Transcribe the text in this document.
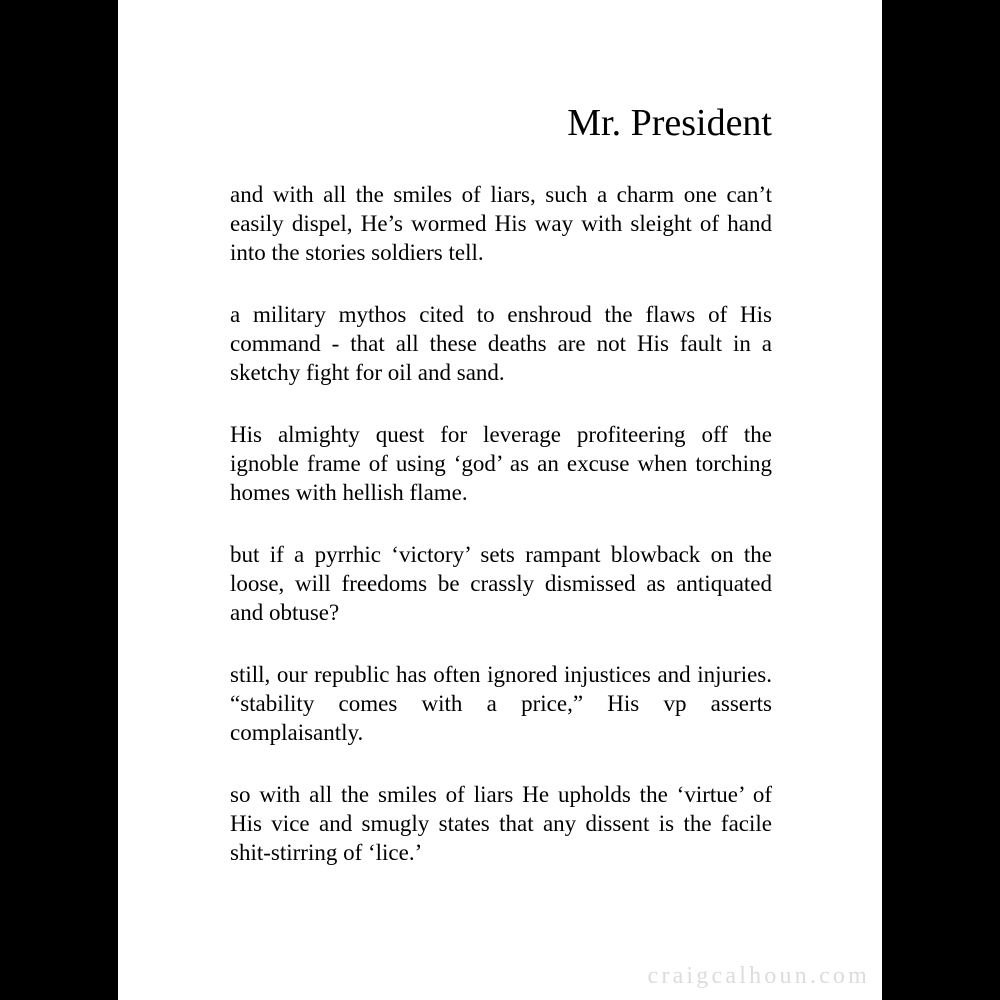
Mr. President

and with all the smiles of liars, such a charm one can’t easily dispel, He’s wormed His way with sleight of hand into the stories soldiers tell.

a military mythos cited to enshroud the flaws of His command - that all these deaths are not His fault in a sketchy fight for oil and sand.

His almighty quest for leverage profiteering off the ignoble frame of using ‘god’ as an excuse when torching homes with hellish flame.

but if a pyrrhic ‘victory’ sets rampant blowback on the loose, will freedoms be crassly dismissed as antiquated and obtuse?

still, our republic has often ignored injustices and injuries. “stability comes with a price,” His vp asserts complaisantly.

so with all the smiles of liars He upholds the ‘virtue’ of His vice and smugly states that any dissent is the facile shit-stirring of ‘lice.’

craigcalhoun.com
